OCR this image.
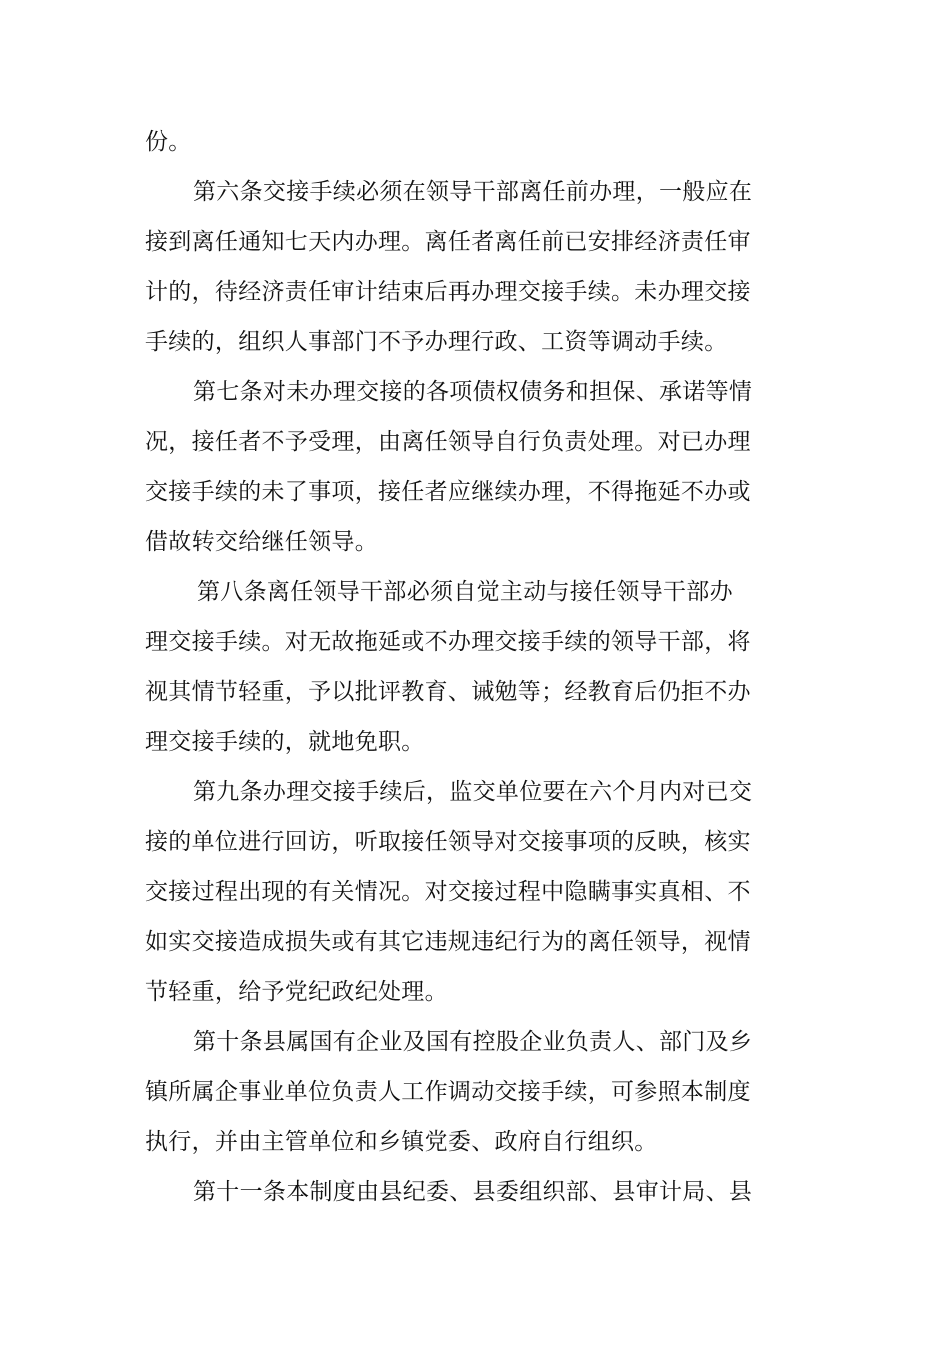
份。
第六条交接手续必须在领导干部离任前办理，一般应在
接到离任通知七天内办理。离任者离任前已安排经济责任审
计的，待经济责任审计结束后再办理交接手续。未办理交接
手续的，组织人事部门不予办理行政、工资等调动手续。
第七条对未办理交接的各项债权债务和担保、承诺等情
况，接任者不予受理，由离任领导自行负责处理。对已办理
交接手续的未了事项，接任者应继续办理，不得拖延不办或
借故转交给继任领导。
第八条离任领导干部必须自觉主动与接任领导干部办
理交接手续。对无故拖延或不办理交接手续的领导干部，将
视其情节轻重，予以批评教育、诫勉等；经教育后仍拒不办
理交接手续的，就地免职。
第九条办理交接手续后，监交单位要在六个月内对已交
接的单位进行回访，听取接任领导对交接事项的反映，核实
交接过程出现的有关情况。对交接过程中隐瞒事实真相、不
如实交接造成损失或有其它违规违纪行为的离任领导，视情
节轻重，给予党纪政纪处理。
第十条县属国有企业及国有控股企业负责人、部门及乡
镇所属企事业单位负责人工作调动交接手续，可参照本制度
执行，并由主管单位和乡镇党委、政府自行组织。
第十一条本制度由县纪委、县委组织部、县审计局、县
